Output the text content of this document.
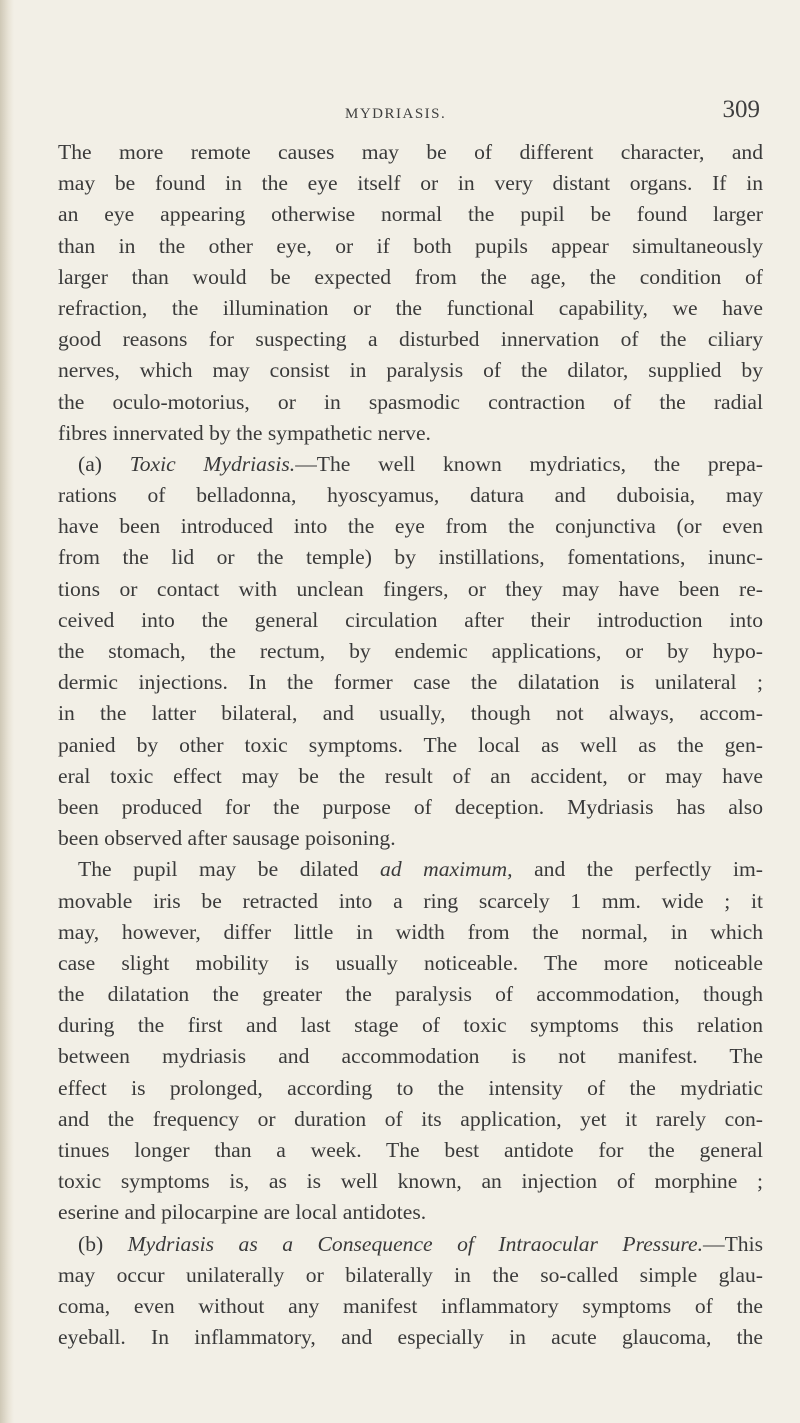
MYDRIASIS.	309
The more remote causes may be of different character, and
may be found in the eye itself or in very distant organs. If in
an eye appearing otherwise normal the pupil be found larger
than in the other eye, or if both pupils appear simultaneously
larger than would be expected from the age, the condition of
refraction, the illumination or the functional capability, we have
good reasons for suspecting a disturbed innervation of the ciliary
nerves, which may consist in paralysis of the dilator, supplied by
the oculo-motorius, or in spasmodic contraction of the radial
fibres innervated by the sympathetic nerve.
(a) Toxic Mydriasis.—The well known mydriatics, the prepa-
rations of belladonna, hyoscyamus, datura and duboisia, may
have been introduced into the eye from the conjunctiva (or even
from the lid or the temple) by instillations, fomentations, inunc-
tions or contact with unclean fingers, or they may have been re-
ceived into the general circulation after their introduction into
the stomach, the rectum, by endemic applications, or by hypo-
dermic injections. In the former case the dilatation is unilateral ;
in the latter bilateral, and usually, though not always, accom-
panied by other toxic symptoms. The local as well as the gen-
eral toxic effect may be the result of an accident, or may have
been produced for the purpose of deception. Mydriasis has also
been observed after sausage poisoning.
The pupil may be dilated ad maximum, and the perfectly im-
movable iris be retracted into a ring scarcely 1 mm. wide ; it
may, however, differ little in width from the normal, in which
case slight mobility is usually noticeable. The more noticeable
the dilatation the greater the paralysis of accommodation, though
during the first and last stage of toxic symptoms this relation
between mydriasis and accommodation is not manifest. The
effect is prolonged, according to the intensity of the mydriatic
and the frequency or duration of its application, yet it rarely con-
tinues longer than a week. The best antidote for the general
toxic symptoms is, as is well known, an injection of morphine ;
eserine and pilocarpine are local antidotes.
(b) Mydriasis as a Consequence of Intraocular Pressure.—This
may occur unilaterally or bilaterally in the so-called simple glau-
coma, even without any manifest inflammatory symptoms of the
eyeball. In inflammatory, and especially in acute glaucoma, the
